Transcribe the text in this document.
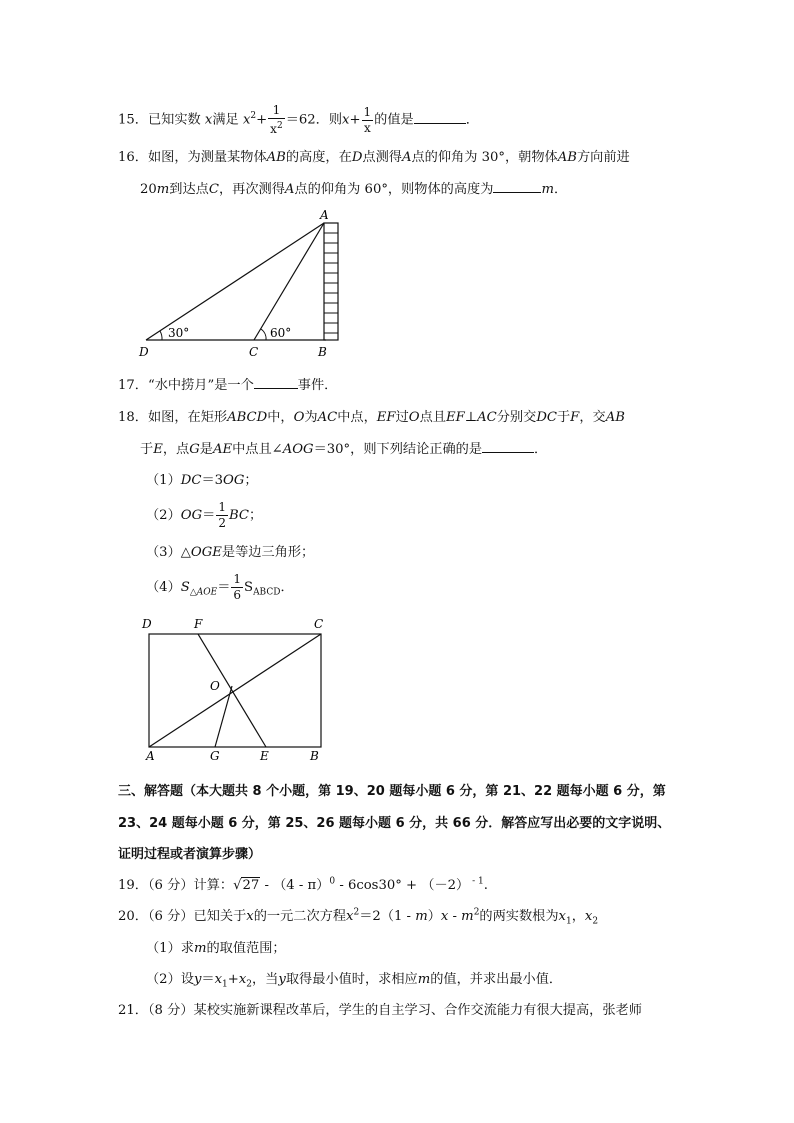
15．已知实数 x满足 $x^2+ \frac{1}{x^2} =62$．则$x+ \frac{1}{x}$ 的值是	．
16．如图，为测量某物体AB的高度，在D点测得A点的仰角为 30°，朝物体AB方向前进
20m到达点C，再次测得A点的仰角为 60°，则物体的高度为	m．
30°	60°
A
B
C
D
17．“水中捞月”是一个	事件．
18．如图，在矩形ABCD中，O为AC中点，EF过O点且EF⊥AC分别交DC于F，交AB
于E，点G是AE中点且∠AOG＝30°，则下列结论正确的是	．
（1）DC＝3OG；
$(2)OG= \frac{1}{2}$ BC；
（3）△OGE是等边三角形；
$(4)S_{\triangle AOE}= \frac{1}{6} S_{ABCD}$．
D	F	C
O
A	G	E	B
三、解答题（本大题共 8 个小题，第 19、20 题每小题 6 分，第 21、22 题每小题 6 分，第
23、24 题每小题 6 分，第 25、26 题每小题 6 分，共 66 分．解答应写出必要的文字说明、
证明过程或者演算步骤）
19．（6 分）计算：√27 - （4 - π）$^0$ - 6cos30° + （－2） $^{- 1}$.
20．（6 分）已知关于x的一元二次方程$x^2=2(1 - m)x - m^2$的两实数根为$x_1$，$x_2$
（1）求m的取值范围；
（2）设$y=x_1+x_2$，当y取得最小值时，求相应m的值，并求出最小值．
21．（8 分）某校实施新课程改革后，学生的自主学习、合作交流能力有很大提高，张老师
